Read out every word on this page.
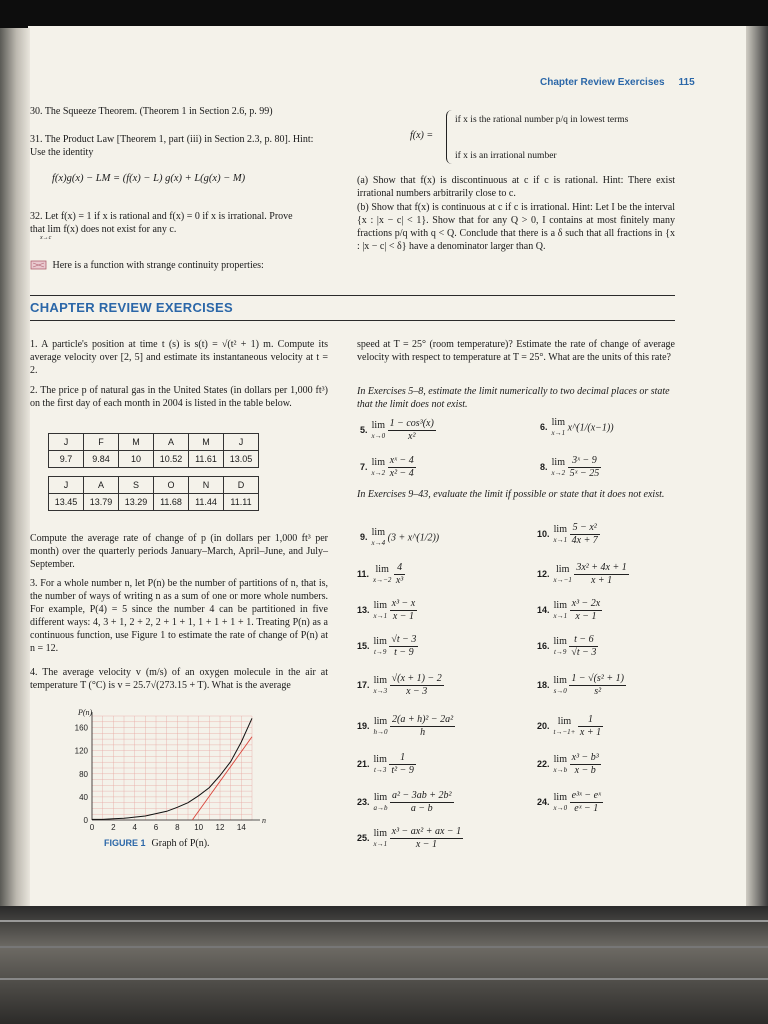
Chapter Review Exercises 115
30. The Squeeze Theorem. (Theorem 1 in Section 2.6, p. 99)
31. The Product Law [Theorem 1, part (iii) in Section 2.3, p. 80]. Hint:
Use the identity
f(x)g(x) − LM = (f(x) − L) g(x) + L(g(x) − M)
32. Let f(x) = 1 if x is rational and f(x) = 0 if x is irrational. Prove
that lim f(x) does not exist for any c.
x→c
Here is a function with strange continuity properties:
f(x) =
if x is the rational number p/q in lowest terms
if x is an irrational number
(a) Show that f(x) is discontinuous at c if c is rational. Hint: There exist irrational numbers arbitrarily close to c.
(b) Show that f(x) is continuous at c if c is irrational. Hint: Let I be the interval {x : |x − c| < 1}. Show that for any Q > 0, I contains at most finitely many fractions p/q with q < Q. Conclude that there is a δ such that all fractions in {x : |x − c| < δ} have a denominator larger than Q.
CHAPTER REVIEW EXERCISES
1. A particle's position at time t (s) is s(t) = √(t² + 1) m. Compute its average velocity over [2, 5] and estimate its instantaneous velocity at t = 2.
2. The price p of natural gas in the United States (in dollars per 1,000 ft³) on the first day of each month in 2004 is listed in the table below.
J	F	M	A	M	J
9.7	9.84	10	10.52	11.61	13.05
J	A	S	O	N	D
13.45	13.79	13.29	11.68	11.44	11.11
Compute the average rate of change of p (in dollars per 1,000 ft³ per month) over the quarterly periods January–March, April–June, and July–September.
3. For a whole number n, let P(n) be the number of partitions of n, that is, the number of ways of writing n as a sum of one or more whole numbers. For example, P(4) = 5 since the number 4 can be partitioned in five different ways: 4, 3 + 1, 2 + 2, 2 + 1 + 1, 1 + 1 + 1 + 1. Treating P(n) as a continuous function, use Figure 1 to estimate the rate of change of P(n) at n = 12.
4. The average velocity v (m/s) of an oxygen molecule in the air at temperature T (°C) is v = 25.7√(273.15 + T). What is the average
0
40
80
120
160
0 2 4 6 8 10 12 14
P(n)
n
FIGURE 1 Graph of P(n).
speed at T = 25° (room temperature)? Estimate the rate of change of average velocity with respect to temperature at T = 25°. What are the units of this rate?
In Exercises 5–8, estimate the limit numerically to two decimal places or state that the limit does not exist.
In Exercises 9–43, evaluate the limit if possible or state that it does not exist.
5. lim
x→0
$\frac{\text{1 − cos³(x)}}{\text{x²}}$	6. lim
x→1 x^(1/(x−1))
7. lim
x→2
$\frac{\text{xˣ − 4}}{\text{x² − 4}}$	8. lim
x→2
$\frac{\text{3ˣ − 9}}{\text{5ˣ − 25}}$
9. lim
x→4 (3 + x^(1/2))	10. lim
x→1
$\frac{\text{5 − x²}}{4x + 7}$
11. lim
x→−2
$\frac{4}{\text{x³}}$	12. lim
x→−1
$\frac{\text{3x² + 4x + 1}}{x + 1}$
13. lim
x→1
$\frac{\text{x³ − x}}{x - 1}$	14. lim
x→1
$\frac{\text{x³ − 2x}}{x - 1}$
15. lim
t→9
$\frac{√t - 3}{t - 9}$	16. lim
t→9
$\frac{t - 6}{√t - 3}$
17. lim
x→3
$\frac{√(x + 1) - 2}{x - 3}$	18. lim
s→0
$\frac{\text{1 − √(s² + 1)}}{\text{s²}}$
19. lim
h→0
$\frac{\text{2(a + h)² − 2a²}}{h}$	20. lim
t→−1+
$\frac{1}{x + 1}$
21. lim
t→3
$\frac{1}{\text{t² − 9}}$	22. lim
x→b
$\frac{\text{x³ − b³}}{x - b}$
23. lim
a→b
$\frac{\text{a² − 3ab + 2b²}}{a - b}$	24. lim
x→0
$\frac{\text{e³ˣ − eˣ}}{\text{eˣ − 1}}$
25. lim
x→1
$\frac{\text{x³ − ax² + ax − 1}}{x - 1}$
